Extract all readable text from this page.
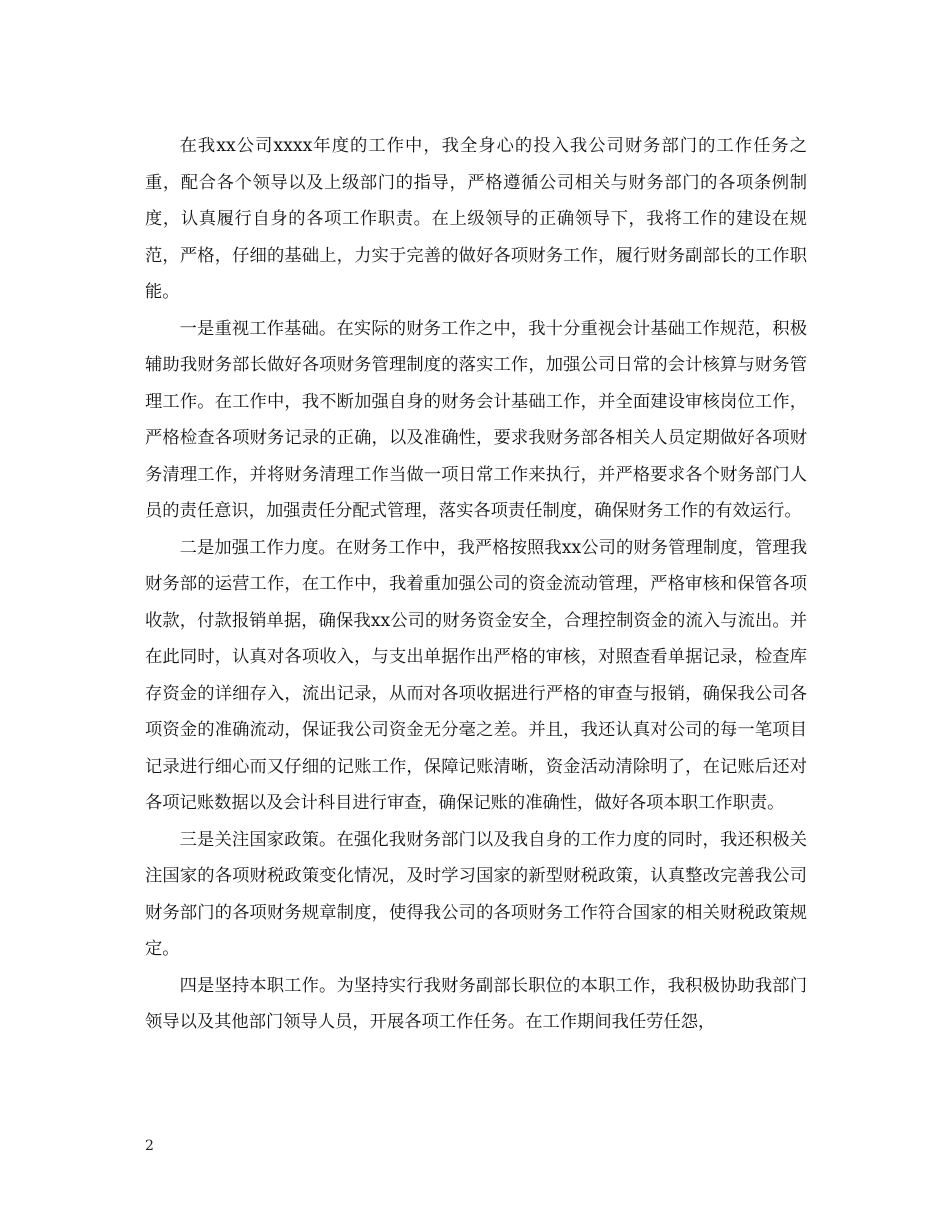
在我xx公司xxxx年度的工作中，我全身心的投入我公司财务部门的工作任务之重，配合各个领导以及上级部门的指导，严格遵循公司相关与财务部门的各项条例制度，认真履行自身的各项工作职责。在上级领导的正确领导下，我将工作的建设在规范，严格，仔细的基础上，力实于完善的做好各项财务工作，履行财务副部长的工作职能。

一是重视工作基础。在实际的财务工作之中，我十分重视会计基础工作规范，积极辅助我财务部长做好各项财务管理制度的落实工作，加强公司日常的会计核算与财务管理工作。在工作中，我不断加强自身的财务会计基础工作，并全面建设审核岗位工作，严格检查各项财务记录的正确，以及准确性，要求我财务部各相关人员定期做好各项财务清理工作，并将财务清理工作当做一项日常工作来执行，并严格要求各个财务部门人员的责任意识，加强责任分配式管理，落实各项责任制度，确保财务工作的有效运行。

二是加强工作力度。在财务工作中，我严格按照我xx公司的财务管理制度，管理我财务部的运营工作，在工作中，我着重加强公司的资金流动管理，严格审核和保管各项收款，付款报销单据，确保我xx公司的财务资金安全，合理控制资金的流入与流出。并在此同时，认真对各项收入，与支出单据作出严格的审核，对照查看单据记录，检查库存资金的详细存入，流出记录，从而对各项收据进行严格的审查与报销，确保我公司各项资金的准确流动，保证我公司资金无分毫之差。并且，我还认真对公司的每一笔项目记录进行细心而又仔细的记账工作，保障记账清晰，资金活动清除明了，在记账后还对各项记账数据以及会计科目进行审查，确保记账的准确性，做好各项本职工作职责。

三是关注国家政策。在强化我财务部门以及我自身的工作力度的同时，我还积极关注国家的各项财税政策变化情况，及时学习国家的新型财税政策，认真整改完善我公司财务部门的各项财务规章制度，使得我公司的各项财务工作符合国家的相关财税政策规定。

四是坚持本职工作。为坚持实行我财务副部长职位的本职工作，我积极协助我部门领导以及其他部门领导人员，开展各项工作任务。在工作期间我任劳任怨，

2
